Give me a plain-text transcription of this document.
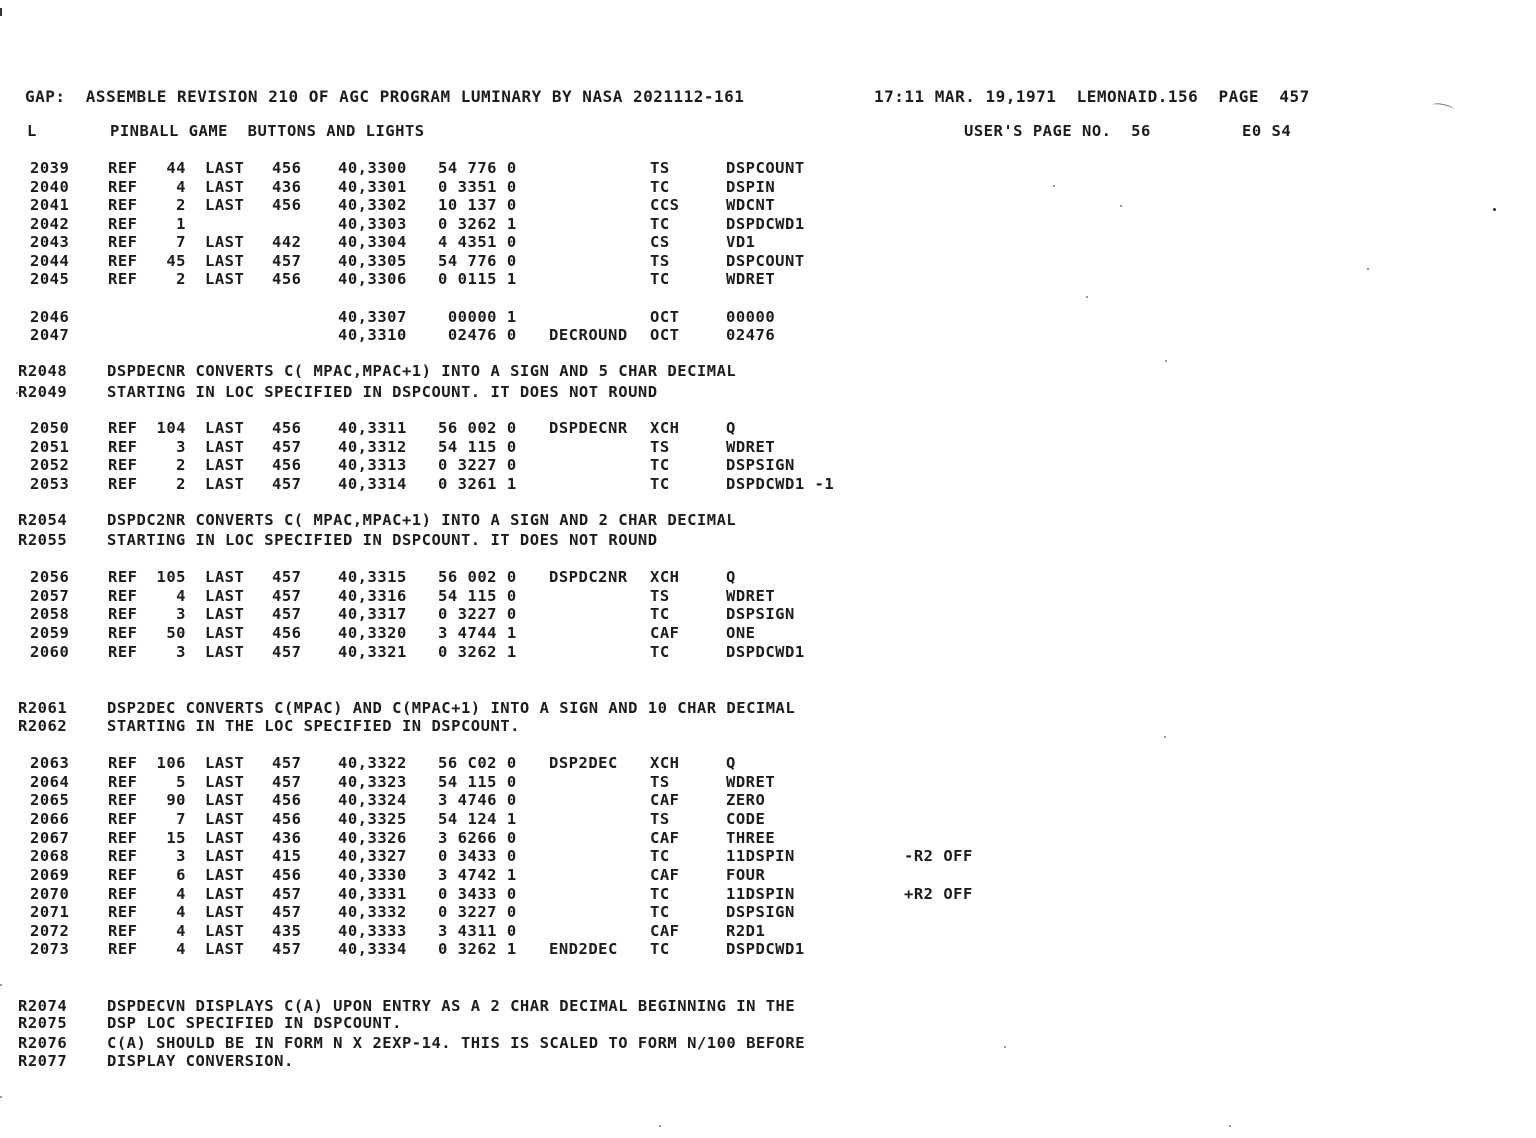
GAP:  ASSEMBLE REVISION 210 OF AGC PROGRAM LUMINARY BY NASA 2021112-161	17:11 MAR. 19,1971  LEMONAID.156  PAGE  457
L	PINBALL GAME  BUTTONS AND LIGHTS	USER'S PAGE NO.  56	E0 S4
2039 REF	44 LAST 456 40,3300 54 776 0	TS	DSPCOUNT
2040 REF	4 LAST 436 40,3301 0 3351 0	TC	DSPIN
2041 REF	2 LAST 456 40,3302 10 137 0	CCS	WDCNT
2042 REF	1	40,3303 0 3262 1	TC	DSPDCWD1
2043 REF	7 LAST 442 40,3304 4 4351 0	CS	VD1
2044 REF	45 LAST 457 40,3305 54 776 0	TS	DSPCOUNT
2045 REF	2 LAST 456 40,3306 0 0115 1	TC	WDRET
2046	40,3307 00000 1	OCT	00000
2047	40,3310 02476 0 DECROUND OCT	02476
R2048	DSPDECNR CONVERTS C( MPAC,MPAC+1) INTO A SIGN AND 5 CHAR DECIMAL
R2049	STARTING IN LOC SPECIFIED IN DSPCOUNT. IT DOES NOT ROUND
2050 REF	104 LAST 456 40,3311 56 002 0 DSPDECNR XCH	Q
2051 REF	3 LAST 457 40,3312 54 115 0	TS	WDRET
2052 REF	2 LAST 456 40,3313 0 3227 0	TC	DSPSIGN
2053 REF	2 LAST 457 40,3314 0 3261 1	TC	DSPDCWD1 -1
R2054	DSPDC2NR CONVERTS C( MPAC,MPAC+1) INTO A SIGN AND 2 CHAR DECIMAL
R2055	STARTING IN LOC SPECIFIED IN DSPCOUNT. IT DOES NOT ROUND
2056 REF	105 LAST 457 40,3315 56 002 0 DSPDC2NR XCH	Q
2057 REF	4 LAST 457 40,3316 54 115 0	TS	WDRET
2058 REF	3 LAST 457 40,3317 0 3227 0	TC	DSPSIGN
2059 REF	50 LAST 456 40,3320 3 4744 1	CAF	ONE
2060 REF	3 LAST 457 40,3321 0 3262 1	TC	DSPDCWD1
R2061	DSP2DEC CONVERTS C(MPAC) AND C(MPAC+1) INTO A SIGN AND 10 CHAR DECIMAL
R2062	STARTING IN THE LOC SPECIFIED IN DSPCOUNT.
2063 REF	106 LAST 457 40,3322 56 C02 0 DSP2DEC XCH	Q
2064 REF	5 LAST 457 40,3323 54 115 0	TS	WDRET
2065 REF	90 LAST 456 40,3324 3 4746 0	CAF	ZERO
2066 REF	7 LAST 456 40,3325 54 124 1	TS	CODE
2067 REF	15 LAST 436 40,3326 3 6266 0	CAF	THREE
2068 REF	3 LAST 415 40,3327 0 3433 0	TC	11DSPIN	-R2 OFF
2069 REF	6 LAST 456 40,3330 3 4742 1	CAF	FOUR
2070 REF	4 LAST 457 40,3331 0 3433 0	TC	11DSPIN	+R2 OFF
2071 REF	4 LAST 457 40,3332 0 3227 0	TC	DSPSIGN
2072 REF	4 LAST 435 40,3333 3 4311 0	CAF	R2D1
2073 REF	4 LAST 457 40,3334 0 3262 1 END2DEC TC	DSPDCWD1
R2074	DSPDECVN DISPLAYS C(A) UPON ENTRY AS A 2 CHAR DECIMAL BEGINNING IN THE
R2075	DSP LOC SPECIFIED IN DSPCOUNT.
R2076	C(A) SHOULD BE IN FORM N X 2EXP-14. THIS IS SCALED TO FORM N/100 BEFORE
R2077	DISPLAY CONVERSION.
